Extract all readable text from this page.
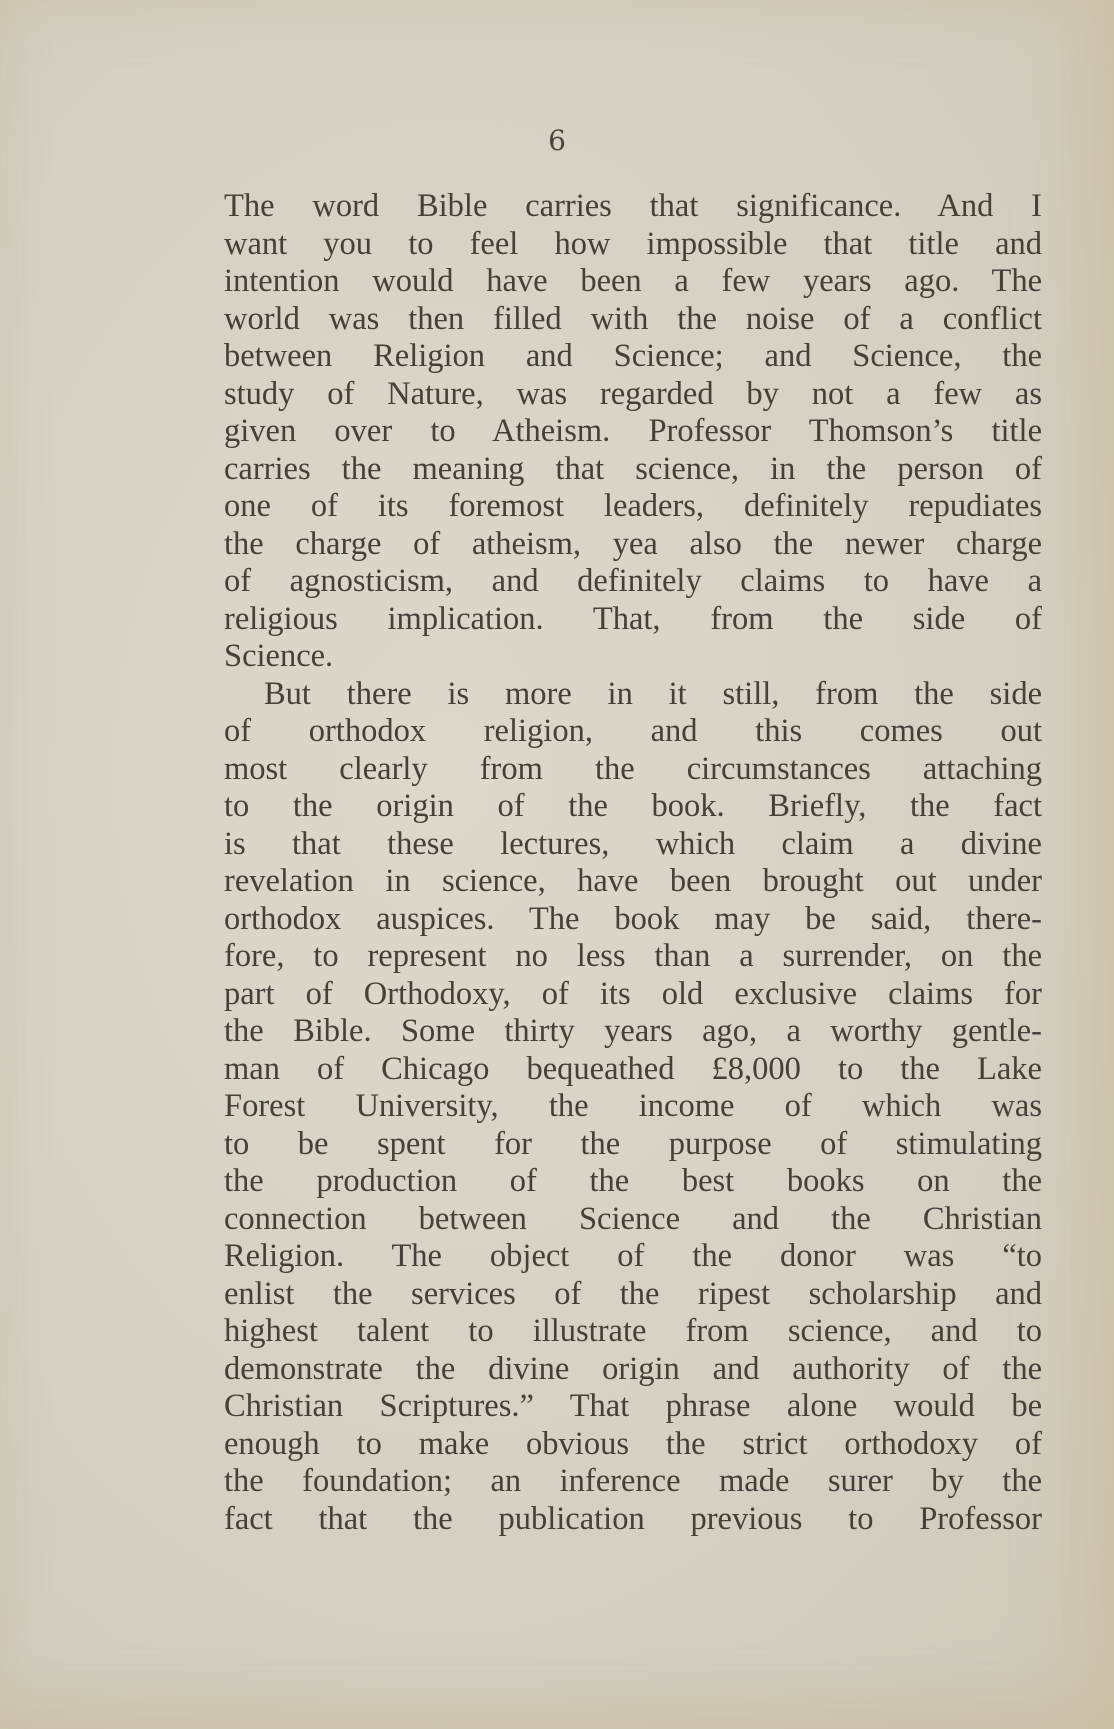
6
The word Bible carries that significance. And I
want you to feel how impossible that title and
intention would have been a few years ago. The
world was then filled with the noise of a conflict
between Religion and Science; and Science, the
study of Nature, was regarded by not a few as
given over to Atheism. Professor Thomson’s title
carries the meaning that science, in the person of
one of its foremost leaders, definitely repudiates
the charge of atheism, yea also the newer charge
of agnosticism, and definitely claims to have a
religious implication. That, from the side of
Science.
But there is more in it still, from the side
of orthodox religion, and this comes out
most clearly from the circumstances attaching
to the origin of the book. Briefly, the fact
is that these lectures, which claim a divine
revelation in science, have been brought out under
orthodox auspices. The book may be said, there-
fore, to represent no less than a surrender, on the
part of Orthodoxy, of its old exclusive claims for
the Bible. Some thirty years ago, a worthy gentle-
man of Chicago bequeathed £8,000 to the Lake
Forest University, the income of which was
to be spent for the purpose of stimulating
the production of the best books on the
connection between Science and the Christian
Religion. The object of the donor was “to
enlist the services of the ripest scholarship and
highest talent to illustrate from science, and to
demonstrate the divine origin and authority of the
Christian Scriptures.” That phrase alone would be
enough to make obvious the strict orthodoxy of
the foundation; an inference made surer by the
fact that the publication previous to Professor
